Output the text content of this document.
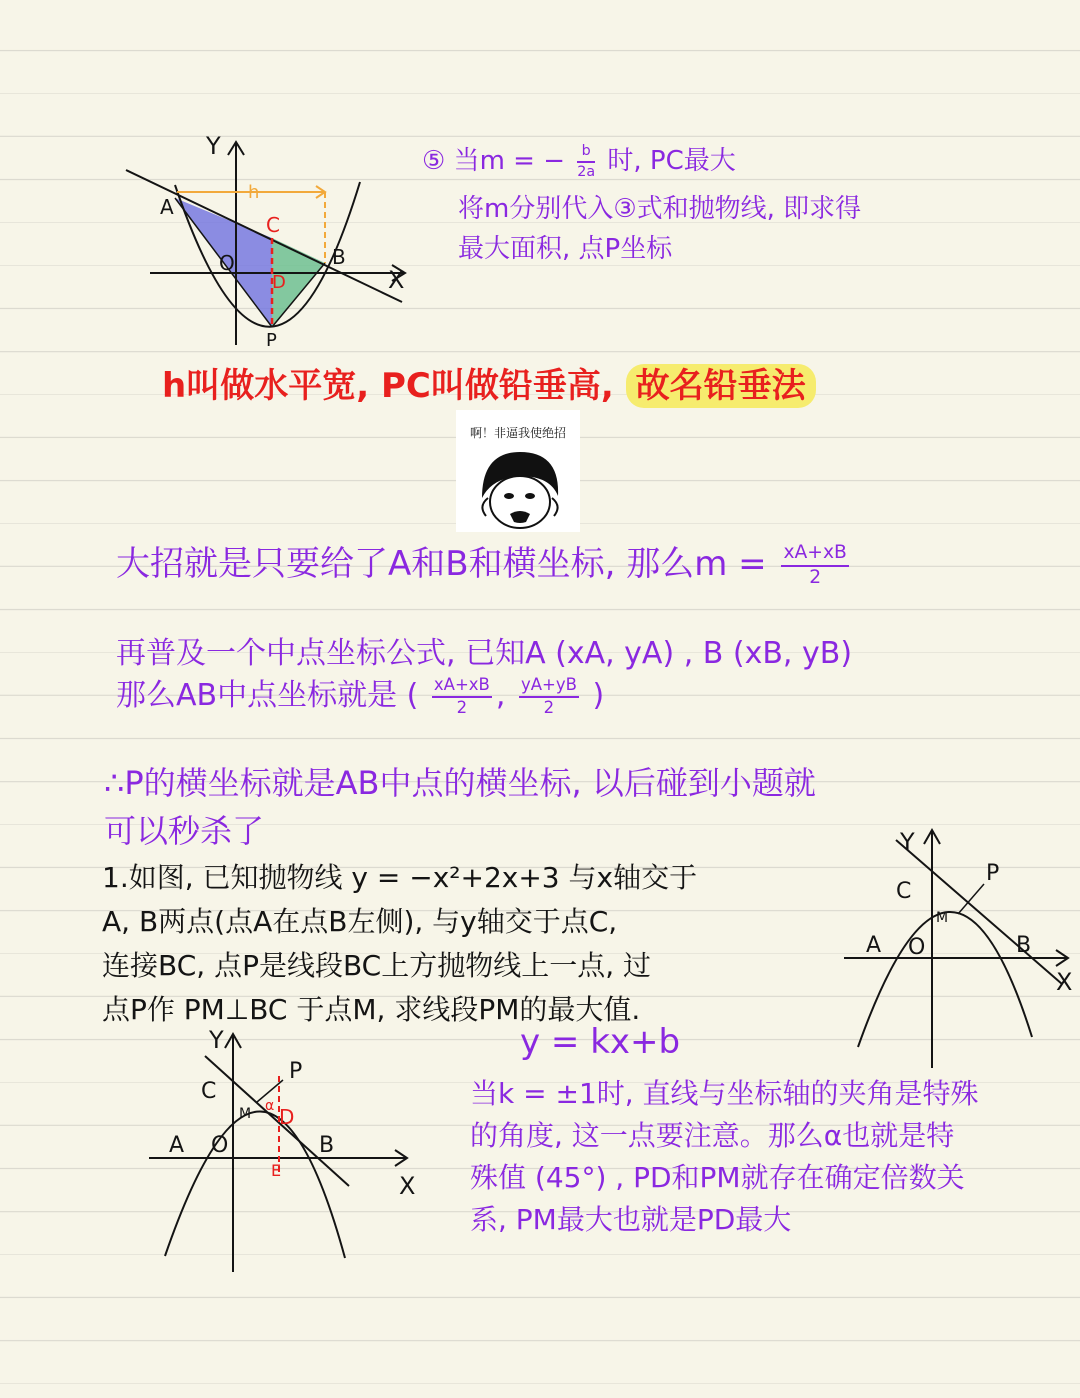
Y
X
A
B
C
D
O
P
h
⑤ 当m = − $\frac{b}{2a}$ 时, PC最大
将m分别代入③式和抛物线, 即求得
最大面积, 点P坐标
h叫做水平宽, PC叫做铅垂高, 故名铅垂法
啊！非逼我使绝招
大招就是只要给了A和B和横坐标, 那么$m = \frac{xA+xB}{2}$
再普及一个中点坐标公式, 已知A (xA, yA) , B (xB, yB)
那么AB中点坐标就是 ( $\frac{xA+xB}{2}$ , $\frac{yA+yB}{2}$ )
∴P的横坐标就是AB中点的横坐标, 以后碰到小题就
可以秒杀了
1.如图, 已知抛物线 y = −x²+2x+3 与x轴交于
A, B两点(点A在点B左侧), 与y轴交于点C,
连接BC, 点P是线段BC上方抛物线上一点, 过
点P作 PM⊥BC 于点M, 求线段PM的最大值.
Y
X
A	B
C
O
P
M
y = kx+b
Y
X
A	B
C
O
P
M α D
E
当k = ±1时, 直线与坐标轴的夹角是特殊
的角度, 这一点要注意。那么α也就是特
殊值 (45°) , PD和PM就存在确定倍数关
系, PM最大也就是PD最大
